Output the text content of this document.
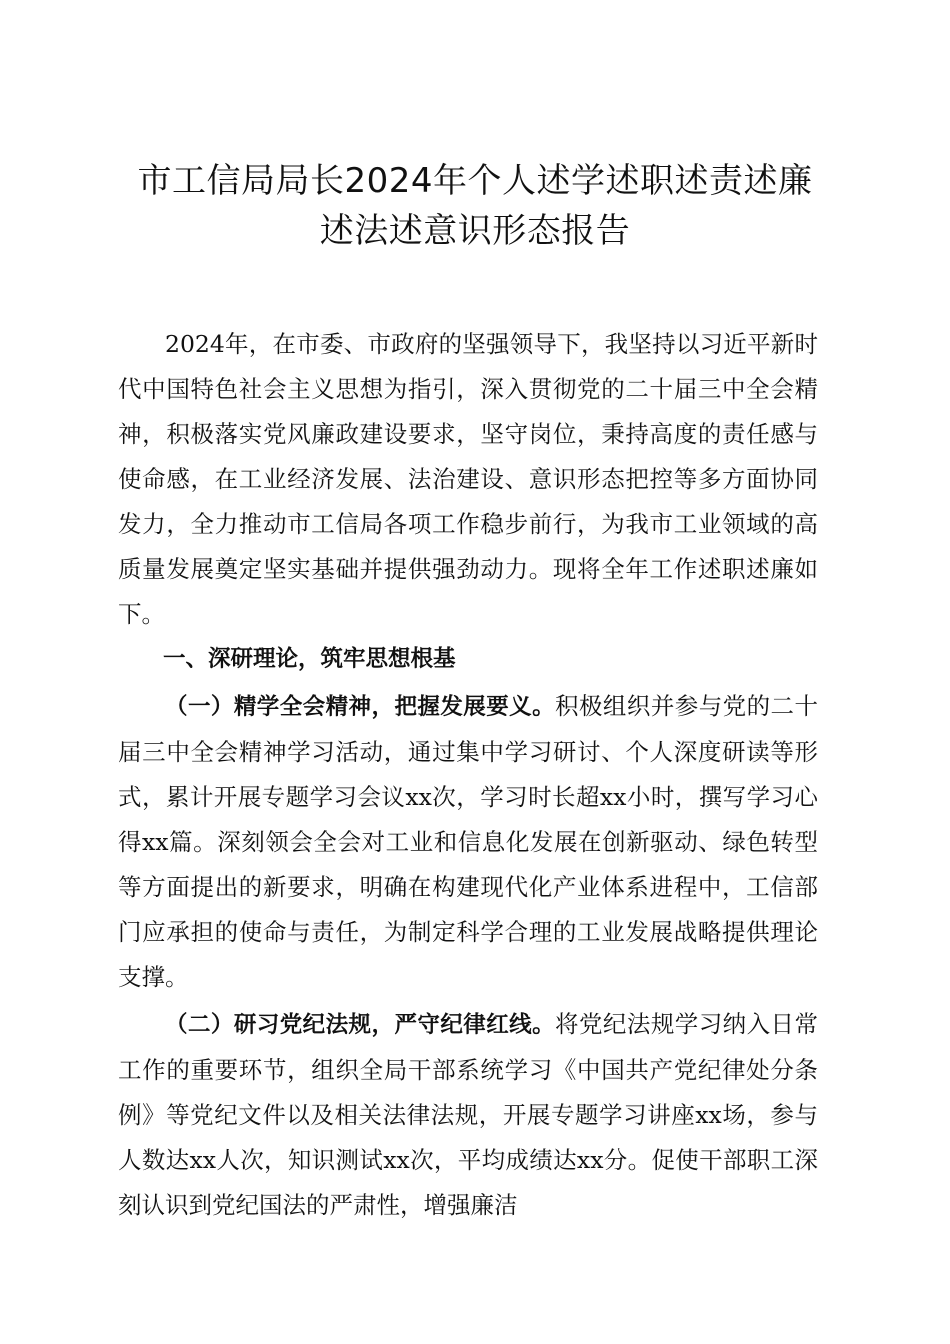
市工信局局长2024年个人述学述职述责述廉
述法述意识形态报告

2024年，在市委、市政府的坚强领导下，我坚持以习近平新时代中国特色社会主义思想为指引，深入贯彻党的二十届三中全会精神，积极落实党风廉政建设要求，坚守岗位，秉持高度的责任感与使命感，在工业经济发展、法治建设、意识形态把控等多方面协同发力，全力推动市工信局各项工作稳步前行，为我市工业领域的高质量发展奠定坚实基础并提供强劲动力。现将全年工作述职述廉如下。

一、深研理论，筑牢思想根基

（一）精学全会精神，把握发展要义。积极组织并参与党的二十届三中全会精神学习活动，通过集中学习研讨、个人深度研读等形式，累计开展专题学习会议xx次，学习时长超xx小时，撰写学习心得xx篇。深刻领会全会对工业和信息化发展在创新驱动、绿色转型等方面提出的新要求，明确在构建现代化产业体系进程中，工信部门应承担的使命与责任，为制定科学合理的工业发展战略提供理论支撑。

（二）研习党纪法规，严守纪律红线。将党纪法规学习纳入日常工作的重要环节，组织全局干部系统学习《中国共产党纪律处分条例》等党纪文件以及相关法律法规，开展专题学习讲座xx场，参与人数达xx人次，知识测试xx次，平均成绩达xx分。促使干部职工深刻认识到党纪国法的严肃性，增强廉洁
